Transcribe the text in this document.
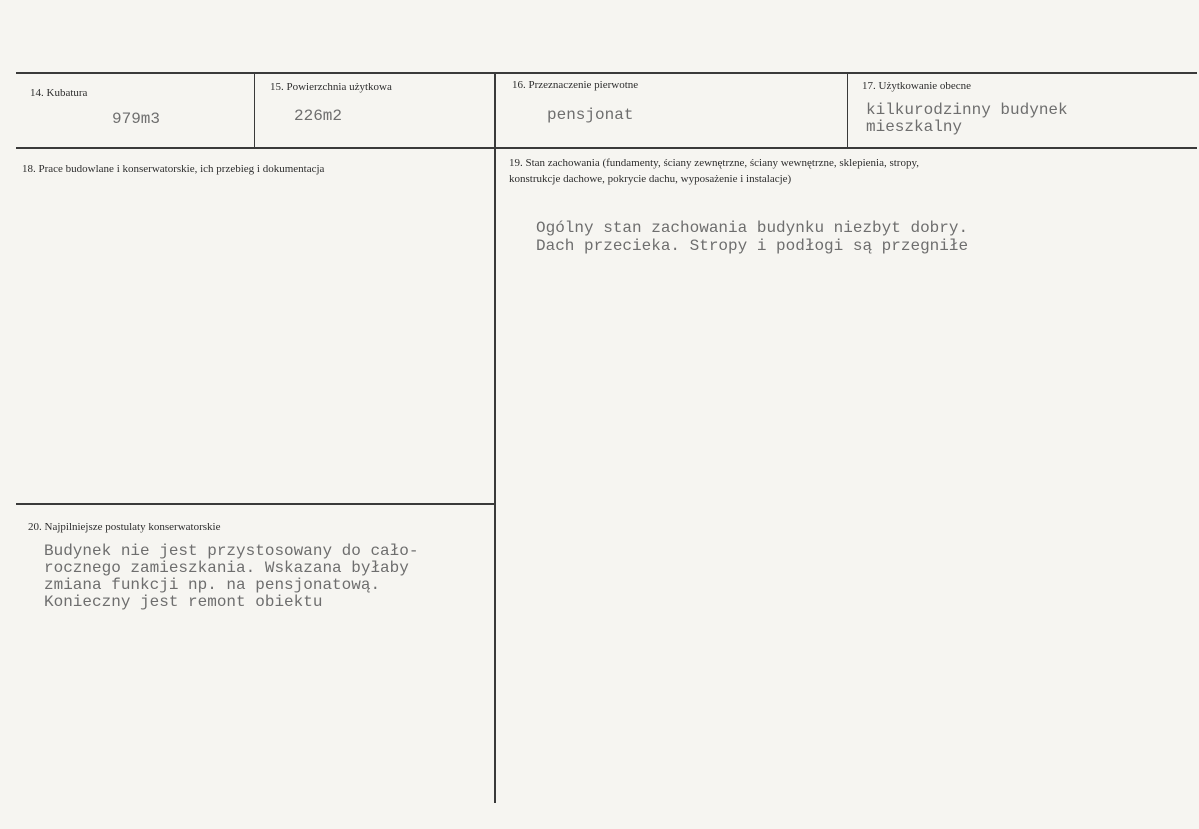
14. Kubatura
979m3
15. Powierzchnia użytkowa
226m2
16. Przeznaczenie pierwotne
pensjonat
17. Użytkowanie obecne
kilkurodzinny budynek
mieszkalny
18. Prace budowlane i konserwatorskie, ich przebieg i dokumentacja	19. Stan zachowania (fundamenty, ściany zewnętrzne, ściany wewnętrzne, sklepienia, stropy,
konstrukcje dachowe, pokrycie dachu, wyposażenie i instalacje)
Ogólny stan zachowania budynku niezbyt dobry.
Dach przecieka. Stropy i podłogi są przegniłe
20. Najpilniejsze postulaty konserwatorskie
Budynek nie jest przystosowany do cało-
rocznego zamieszkania. Wskazana byłaby
zmiana funkcji np. na pensjonatową.
Konieczny jest remont obiektu
